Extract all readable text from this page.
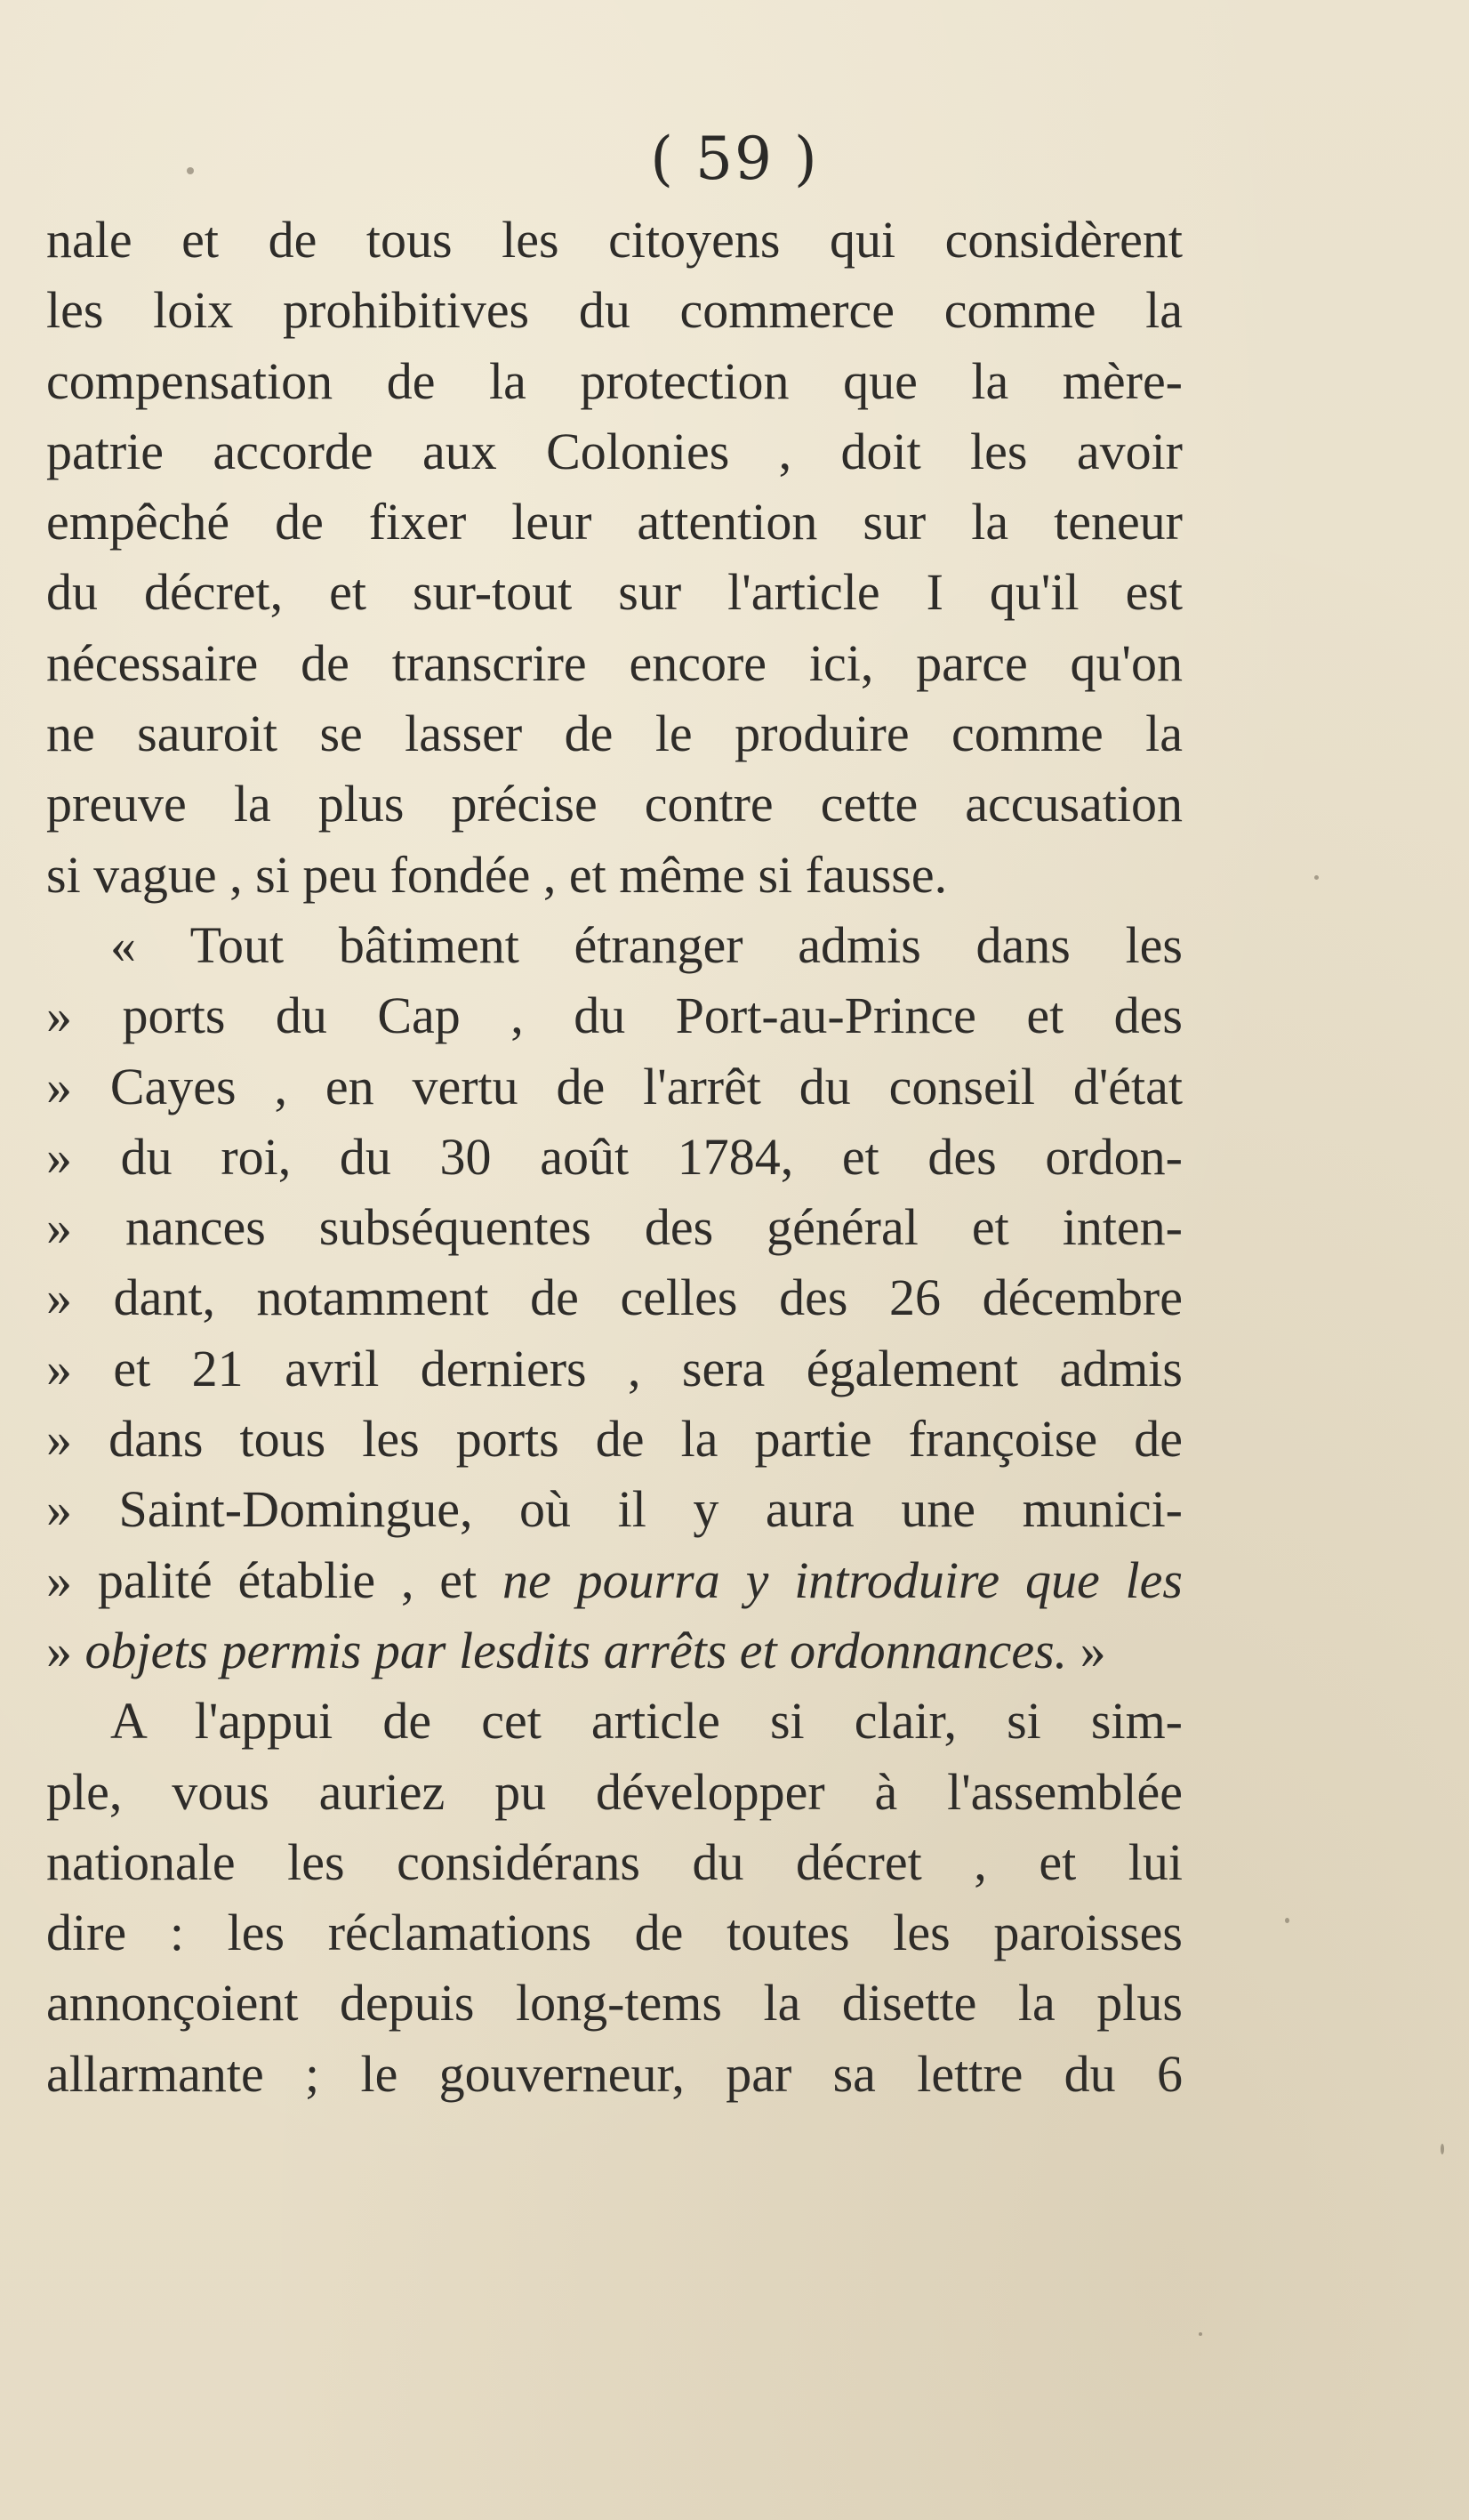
( 59 )
nale et de tous les citoyens qui considèrent
les loix prohibitives du commerce comme la
compensation de la protection que la mère-
patrie accorde aux Colonies , doit les avoir
empêché de fixer leur attention sur la teneur
du décret, et sur-tout sur l'article I qu'il est
nécessaire de transcrire encore ici, parce qu'on
ne sauroit se lasser de le produire comme la
preuve la plus précise contre cette accusation
si vague , si peu fondée , et même si fausse.
« Tout bâtiment étranger admis dans les
» ports du Cap , du Port-au-Prince et des
» Cayes , en vertu de l'arrêt du conseil d'état
» du roi, du 30 août 1784, et des ordon-
» nances subséquentes des général et inten-
» dant, notamment de celles des 26 décembre
» et 21 avril derniers , sera également admis
» dans tous les ports de la partie françoise de
» Saint-Domingue, où il y aura une munici-
» palité établie , et ne pourra y introduire que les
» objets permis par lesdits arrêts et ordonnances. »
A l'appui de cet article si clair, si sim-
ple, vous auriez pu développer à l'assemblée
nationale les considérans du décret , et lui
dire : les réclamations de toutes les paroisses
annonçoient depuis long-tems la disette la plus
allarmante ; le gouverneur, par sa lettre du 6
